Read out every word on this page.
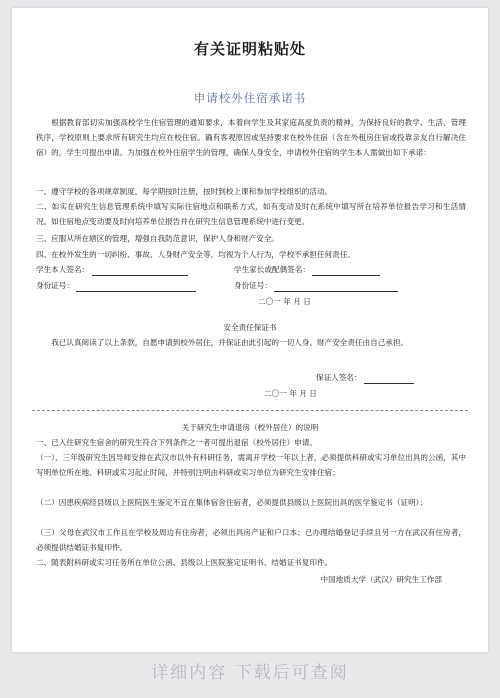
有关证明粘贴处
申请校外住宿承诺书
根据教育部切实加强高校学生住宿管理的通知要求，本着向学生及其家庭高度负责的精神，为保持良好的教学、生活、管理秩序，学校原则上要求所有研究生均应在校住宿。确有客观原因或坚持要求在校外住宿（含在外租房住宿或投靠亲友自行解决住宿）的，学生可提出申请。为加强在校外住宿学生的管理，确保人身安全，申请校外住宿的学生本人需做出如下承诺：
一、遵守学校的各项规章制度，每学期按时注册，按时到校上课和参加学校组织的活动。
二、如实在研究生信息管理系统中填写实际住宿地点和联系方式，如有变动及时在系统中填写所在培养单位报告学习和生活情况。如住宿地点变动要及时向培养单位报告并在研究生信息管理系统中进行变更。
三、应服从所在辖区的管理，增强自我防范意识，保护人身和财产安全。
四、在校外发生的一切纠纷、事故、人身财产安全等，均视为个人行为，学校不承担任何责任。
学生本人签名：	学生家长或配偶签名：
身份证号：	身份证号：
二〇一 年 月 日
安全责任保证书
我已认真阅读了以上条款，自愿申请到校外居住，并保证由此引起的一切人身、财产安全责任由自己承担。
保证人签名：
二〇一 年 月 日
关于研究生申请退房（校外居住）的说明
一、已入住研究生宿舍的研究生符合下列条件之一者可提出退宿（校外居住）申请。
（一）、三年级研究生因导师安排在武汉市以外有科研任务，需离开学校一年以上者，必须提供科研或实习单位出具的公函，其中写明单位所在地、科研或实习起止时间，并特别注明由科研或实习单位为研究生安排住宿；
（二）因患疾病经县级以上医院医生鉴定不宜在集体宿舍住宿者，必须提供县级以上医院出具的医学鉴定书（证明）；
（三）父母在武汉市工作且在学校及周边有住房者，必须出具房产证和户口本；已办理结婚登记手续且另一方在武汉有住房者，必须提供结婚证书复印件。
二、随表附科研或实习任务所在单位公函、县级以上医院鉴定证明书、结婚证书复印件。
中国地质大学（武汉）研究生工作部
详细内容 下载后可查阅
